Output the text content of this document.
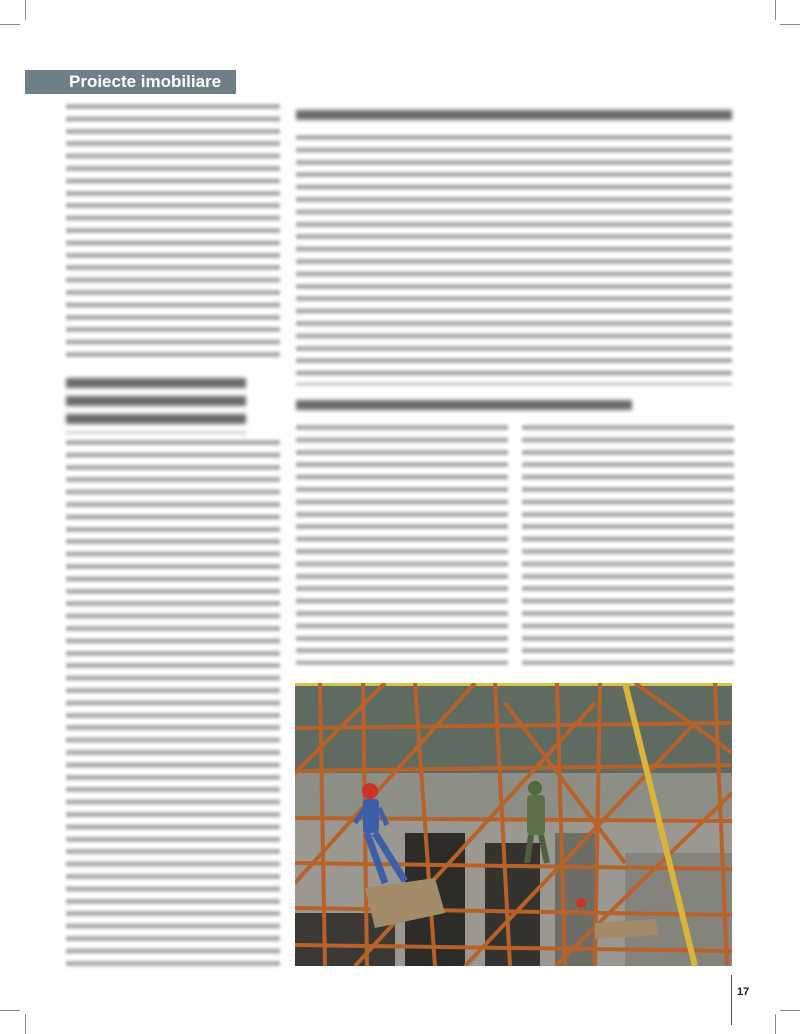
Proiecte imobiliare
17
